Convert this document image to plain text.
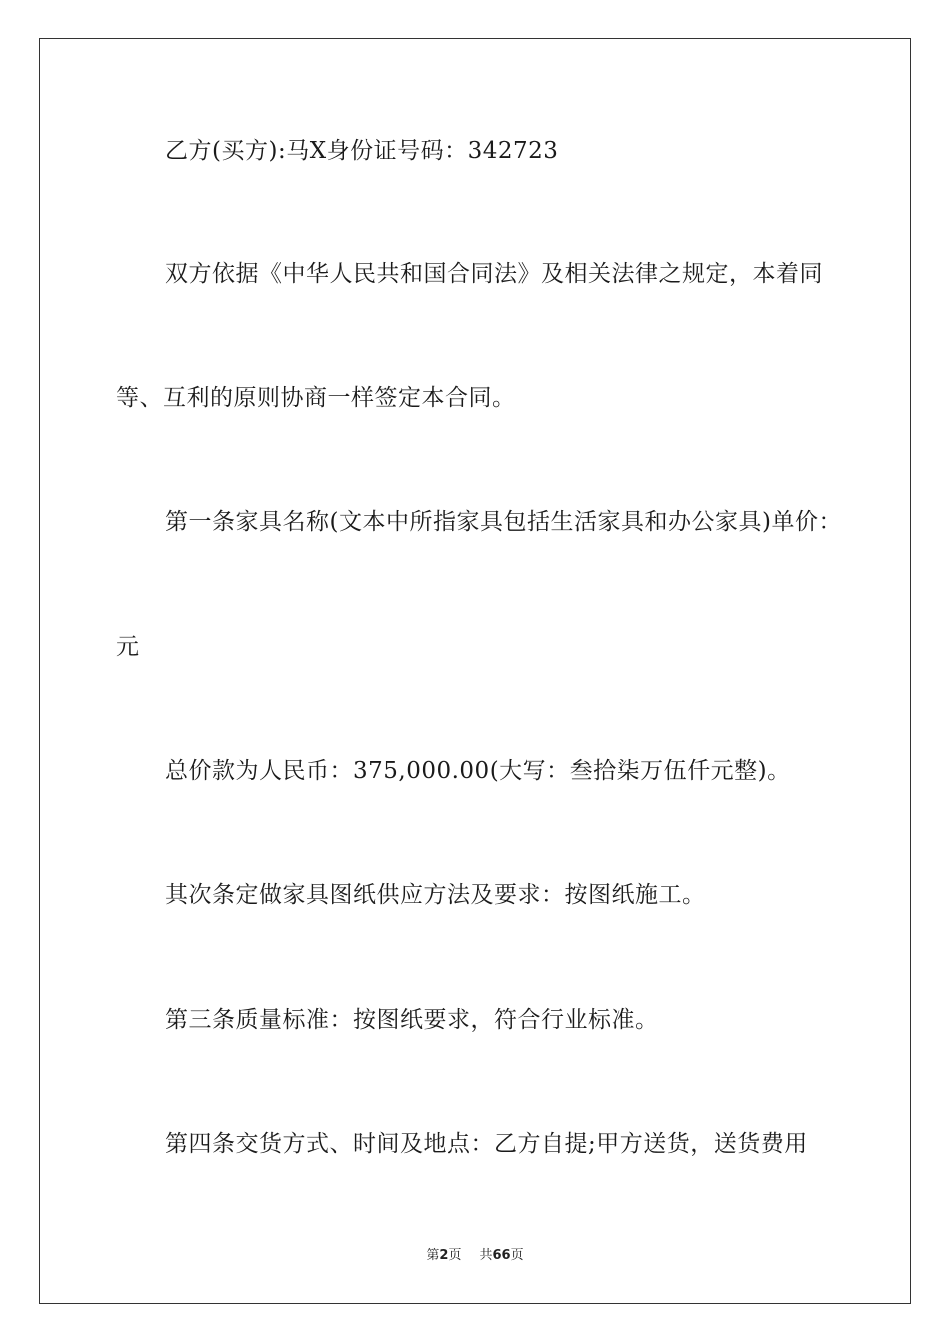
乙方(买方):马X身份证号码：342723
双方依据《中华人民共和国合同法》及相关法律之规定，本着同
等、互利的原则协商一样签定本合同。
第一条家具名称(文本中所指家具包括生活家具和办公家具)单价：
元
总价款为人民币：375,000.00(大写：叁拾柒万伍仟元整)。
其次条定做家具图纸供应方法及要求：按图纸施工。
第三条质量标准：按图纸要求，符合行业标准。
第四条交货方式、时间及地点：乙方自提;甲方送货，送货费用
第2页 共66页
